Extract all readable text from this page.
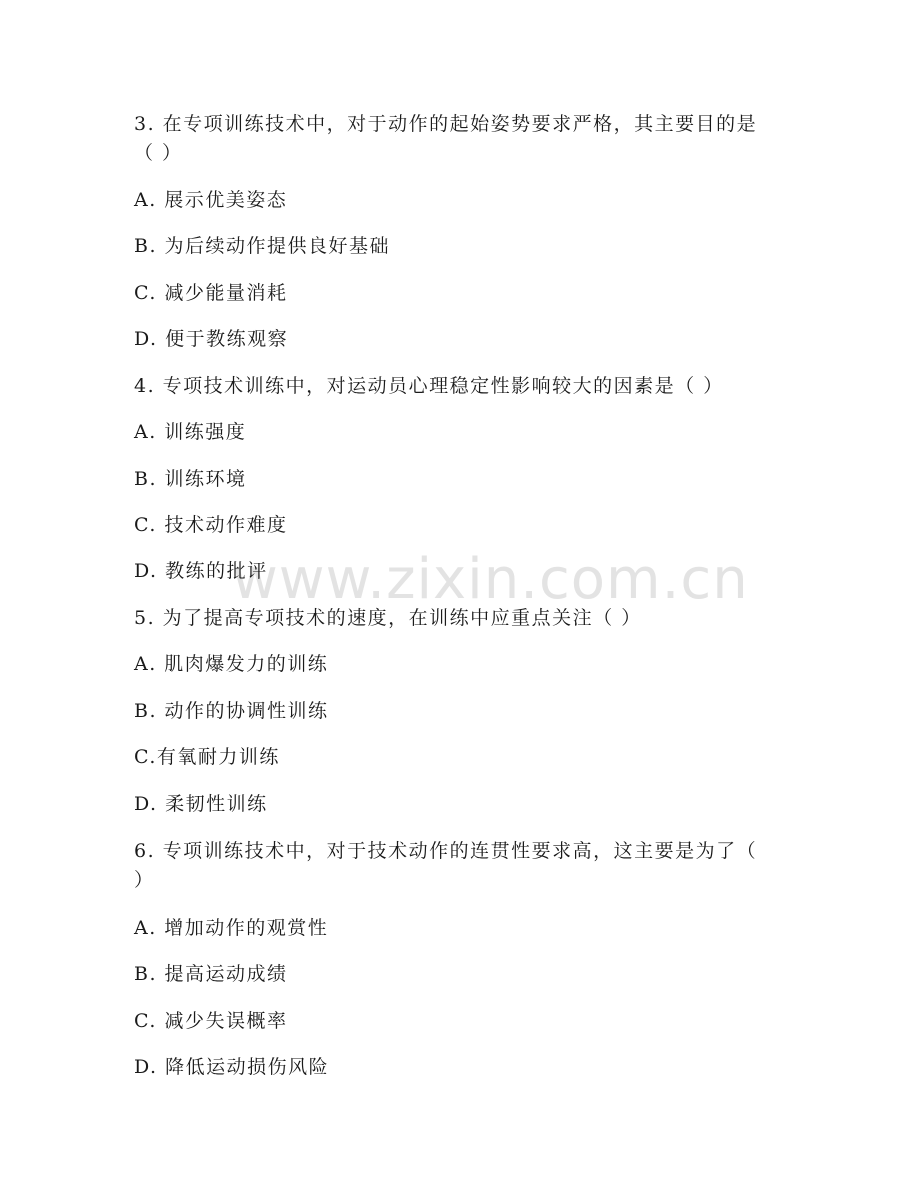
www.zixin.com.cn
3. 在专项训练技术中，对于动作的起始姿势要求严格，其主要目的是
（ ）
A. 展示优美姿态
B. 为后续动作提供良好基础
C. 减少能量消耗
D. 便于教练观察
4. 专项技术训练中，对运动员心理稳定性影响较大的因素是（ ）
A. 训练强度
B. 训练环境
C. 技术动作难度
D. 教练的批评
5. 为了提高专项技术的速度，在训练中应重点关注（ ）
A. 肌肉爆发力的训练
B. 动作的协调性训练
C.有氧耐力训练
D. 柔韧性训练
6. 专项训练技术中，对于技术动作的连贯性要求高，这主要是为了（
）
A. 增加动作的观赏性
B. 提高运动成绩
C. 减少失误概率
D. 降低运动损伤风险
